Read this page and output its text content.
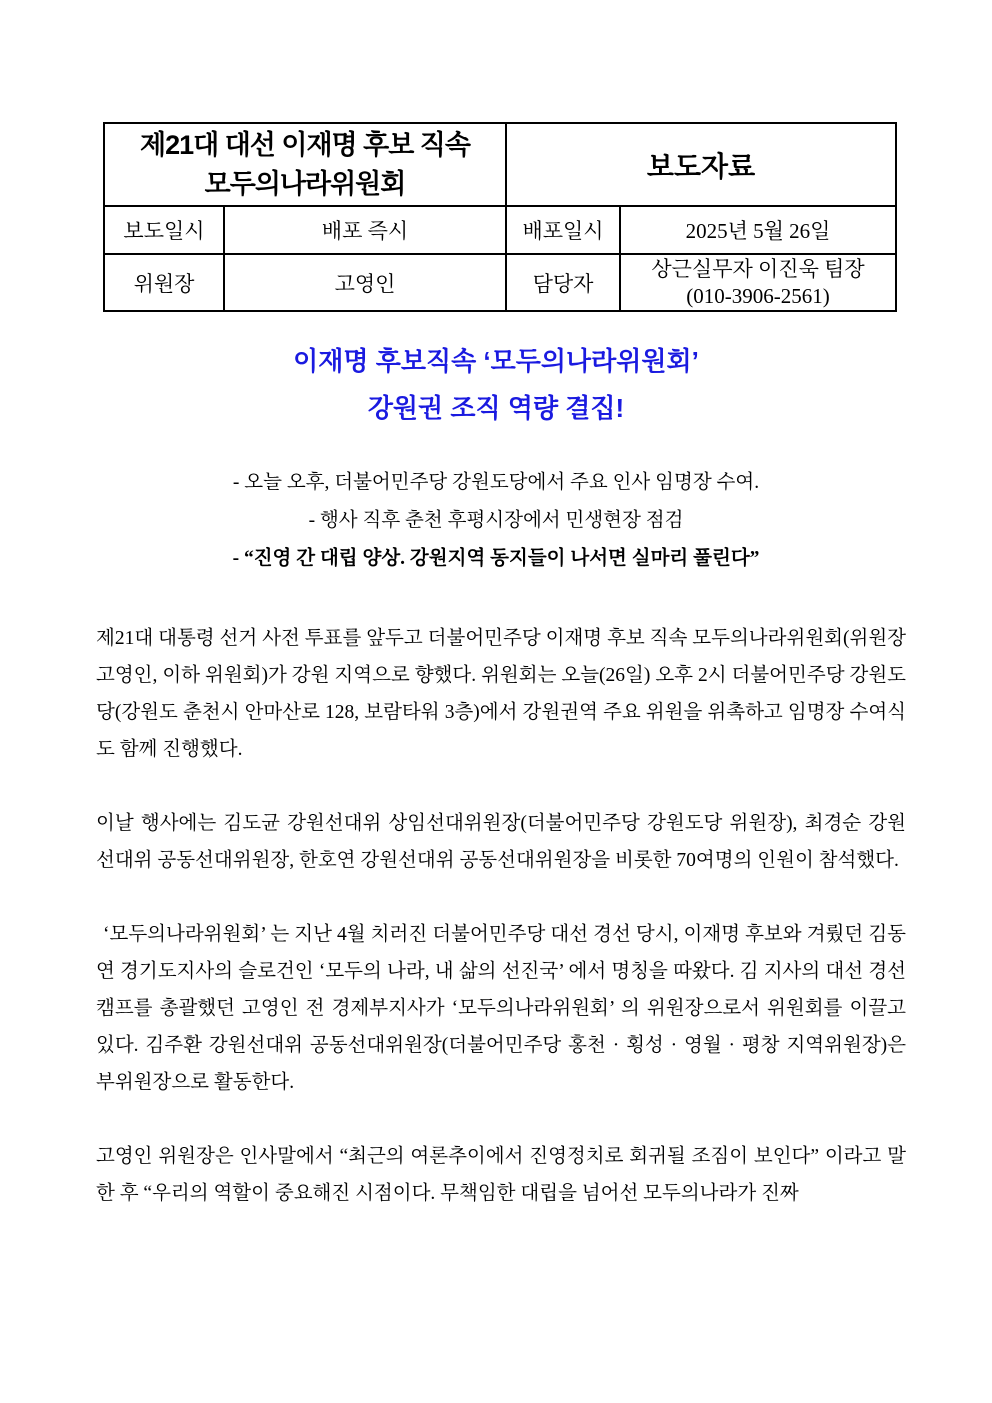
제21대 대선 이재명 후보 직속
모두의나라위원회		보도자료	
보도일시	배포 즉시	배포일시	2025년 5월 26일
위원장	고영인	담당자	상근실무자 이진욱 팀장
(010-3906-2561)
이재명 후보직속 ‘모두의나라위원회’
강원권 조직 역량 결집!
- 오늘 오후, 더불어민주당 강원도당에서 주요 인사 임명장 수여.
- 행사 직후 춘천 후평시장에서 민생현장 점검
- “진영 간 대립 양상. 강원지역 동지들이 나서면 실마리 풀린다”

제21대 대통령 선거 사전 투표를 앞두고 더불어민주당 이재명 후보 직속 모두의나라위원회(위원장 고영인, 이하 위원회)가 강원 지역으로 향했다. 위원회는 오늘(26일) 오후 2시 더불어민주당 강원도당(강원도 춘천시 안마산로 128, 보람타워 3층)에서 강원권역 주요 위원을 위촉하고 임명장 수여식도 함께 진행했다.

이날 행사에는 김도균 강원선대위 상임선대위원장(더불어민주당 강원도당 위원장), 최경순 강원선대위 공동선대위원장, 한호연 강원선대위 공동선대위원장을 비롯한 70여명의 인원이 참석했다.

‘모두의나라위원회’ 는 지난 4월 치러진 더불어민주당 대선 경선 당시, 이재명 후보와 겨뤘던 김동연 경기도지사의 슬로건인 ‘모두의 나라, 내 삶의 선진국’ 에서 명칭을 따왔다. 김 지사의 대선 경선 캠프를 총괄했던 고영인 전 경제부지사가 ‘모두의나라위원회’ 의 위원장으로서 위원회를 이끌고 있다. 김주환 강원선대위 공동선대위원장(더불어민주당 홍천 · 횡성 · 영월 · 평창 지역위원장)은 부위원장으로 활동한다.

고영인 위원장은 인사말에서 “최근의 여론추이에서 진영정치로 회귀될 조짐이 보인다” 이라고 말한 후 “우리의 역할이 중요해진 시점이다. 무책임한 대립을 넘어선 모두의나라가 진짜
